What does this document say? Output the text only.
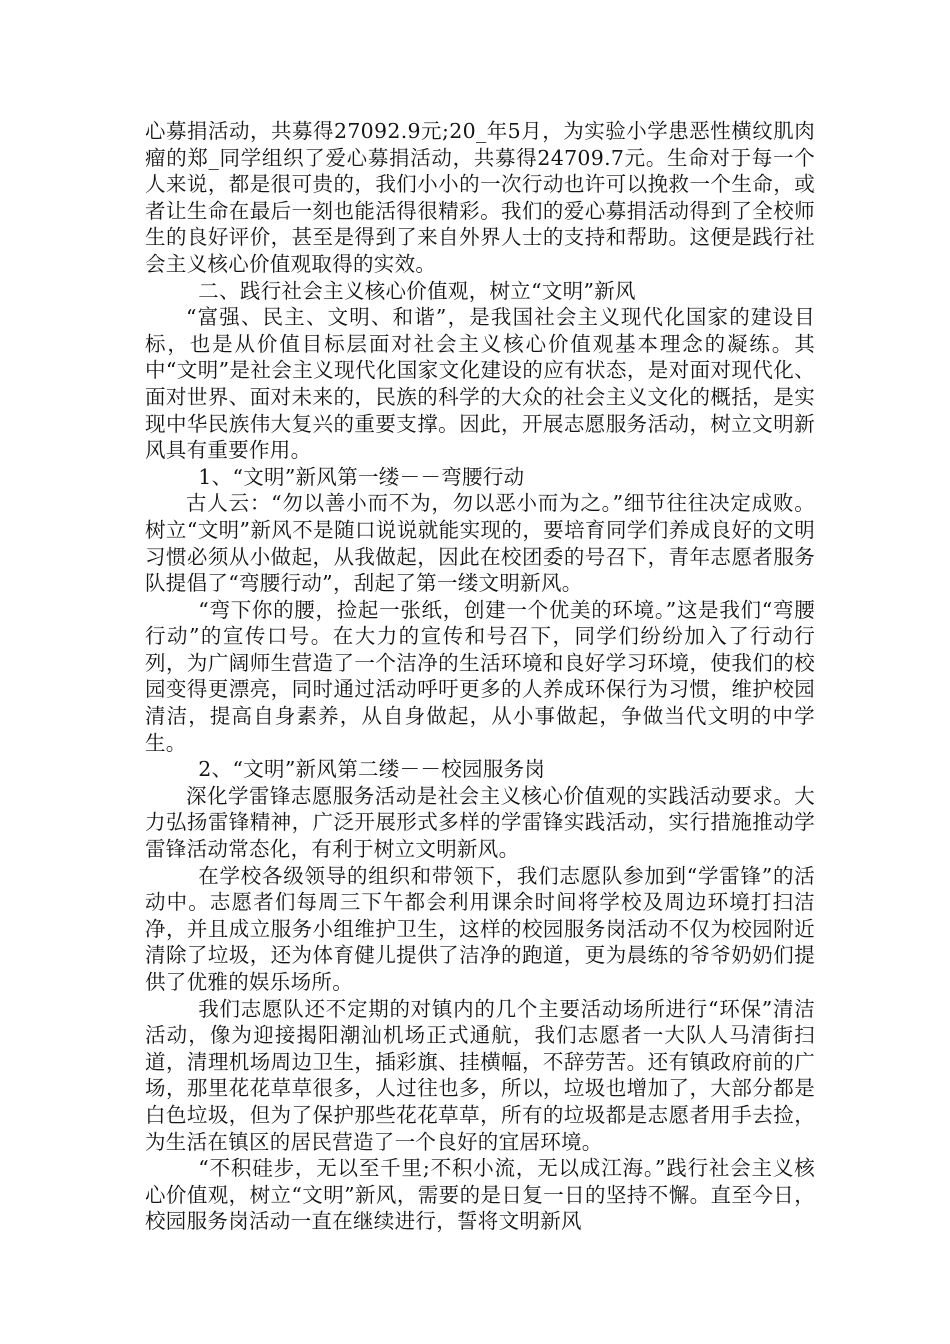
心募捐活动，共募得27092.9元;20_年5月，为实验小学患恶性横纹肌肉瘤的郑_同学组织了爱心募捐活动，共募得24709.7元。生命对于每一个人来说，都是很可贵的，我们小小的一次行动也许可以挽救一个生命，或者让生命在最后一刻也能活得很精彩。我们的爱心募捐活动得到了全校师生的良好评价，甚至是得到了来自外界人士的支持和帮助。这便是践行社会主义核心价值观取得的实效。

二、践行社会主义核心价值观，树立“文明”新风

“富强、民主、文明、和谐”，是我国社会主义现代化国家的建设目标，也是从价值目标层面对社会主义核心价值观基本理念的凝练。其中“文明”是社会主义现代化国家文化建设的应有状态，是对面对现代化、面对世界、面对未来的，民族的科学的大众的社会主义文化的概括，是实现中华民族伟大复兴的重要支撑。因此，开展志愿服务活动，树立文明新风具有重要作用。

1、“文明”新风第一缕－－弯腰行动

古人云：“勿以善小而不为，勿以恶小而为之。”细节往往决定成败。树立“文明”新风不是随口说说就能实现的，要培育同学们养成良好的文明习惯必须从小做起，从我做起，因此在校团委的号召下，青年志愿者服务队提倡了“弯腰行动”，刮起了第一缕文明新风。

“弯下你的腰，捡起一张纸，创建一个优美的环境。”这是我们“弯腰行动”的宣传口号。在大力的宣传和号召下，同学们纷纷加入了行动行列，为广阔师生营造了一个洁净的生活环境和良好学习环境，使我们的校园变得更漂亮，同时通过活动呼吁更多的人养成环保行为习惯，维护校园清洁，提高自身素养，从自身做起，从小事做起，争做当代文明的中学生。

2、“文明”新风第二缕－－校园服务岗

深化学雷锋志愿服务活动是社会主义核心价值观的实践活动要求。大力弘扬雷锋精神，广泛开展形式多样的学雷锋实践活动，实行措施推动学雷锋活动常态化，有利于树立文明新风。

在学校各级领导的组织和带领下，我们志愿队参加到“学雷锋”的活动中。志愿者们每周三下午都会利用课余时间将学校及周边环境打扫洁净，并且成立服务小组维护卫生，这样的校园服务岗活动不仅为校园附近清除了垃圾，还为体育健儿提供了洁净的跑道，更为晨练的爷爷奶奶们提供了优雅的娱乐场所。

我们志愿队还不定期的对镇内的几个主要活动场所进行“环保”清洁活动，像为迎接揭阳潮汕机场正式通航，我们志愿者一大队人马清街扫道，清理机场周边卫生，插彩旗、挂横幅，不辞劳苦。还有镇政府前的广场，那里花花草草很多，人过往也多，所以，垃圾也增加了，大部分都是白色垃圾，但为了保护那些花花草草，所有的垃圾都是志愿者用手去捡，为生活在镇区的居民营造了一个良好的宜居环境。

“不积硅步，无以至千里;不积小流，无以成江海。”践行社会主义核心价值观，树立“文明”新风，需要的是日复一日的坚持不懈。直至今日，校园服务岗活动一直在继续进行，誓将文明新风
